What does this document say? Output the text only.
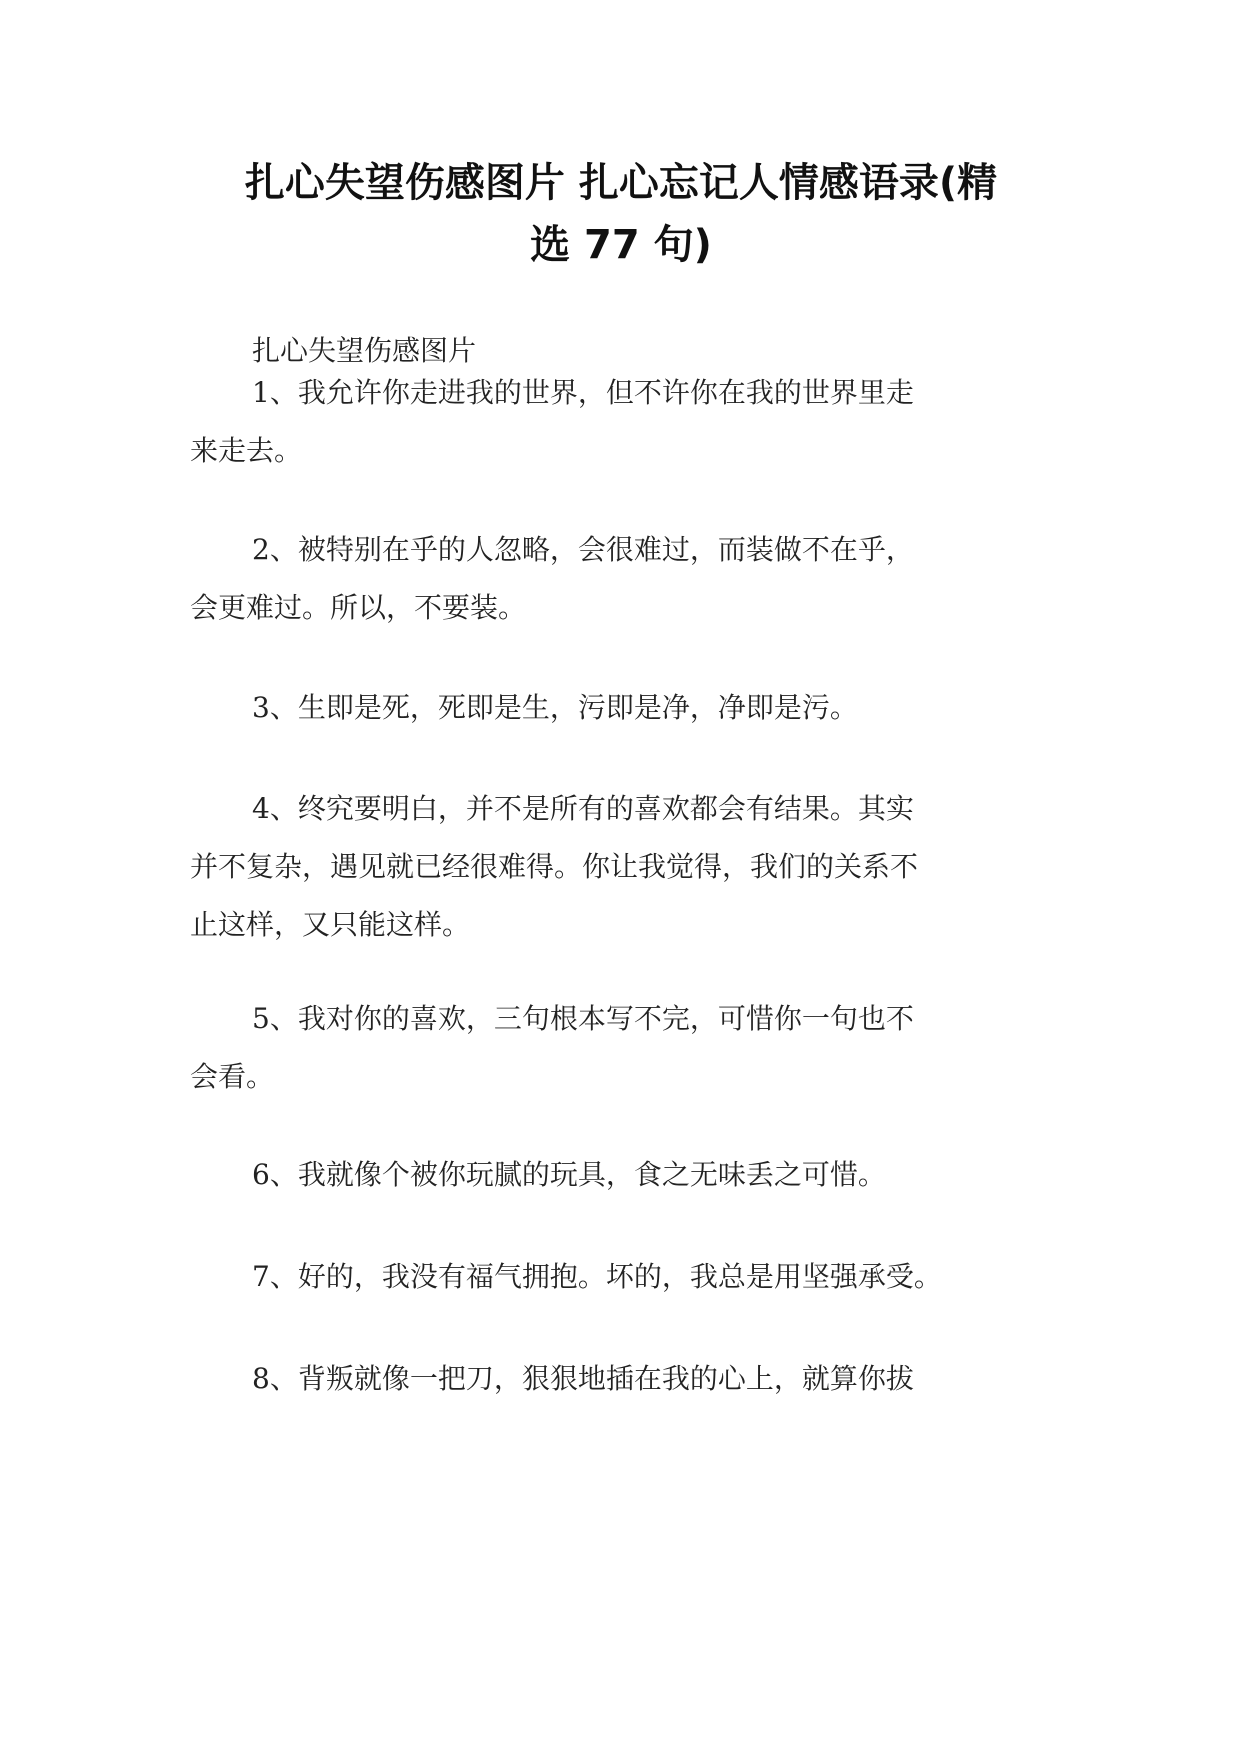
扎心失望伤感图片 扎心忘记人情感语录(精
选 77 句)

扎心失望伤感图片

1、我允许你走进我的世界，但不许你在我的世界里走
来走去。

2、被特别在乎的人忽略，会很难过，而装做不在乎，
会更难过。所以，不要装。

3、生即是死，死即是生，污即是净，净即是污。

4、终究要明白，并不是所有的喜欢都会有结果。其实
并不复杂，遇见就已经很难得。你让我觉得，我们的关系不
止这样，又只能这样。

5、我对你的喜欢，三句根本写不完，可惜你一句也不
会看。

6、我就像个被你玩腻的玩具，食之无味丢之可惜。

7、好的，我没有福气拥抱。坏的，我总是用坚强承受。

8、背叛就像一把刀，狠狠地插在我的心上，就算你拔
